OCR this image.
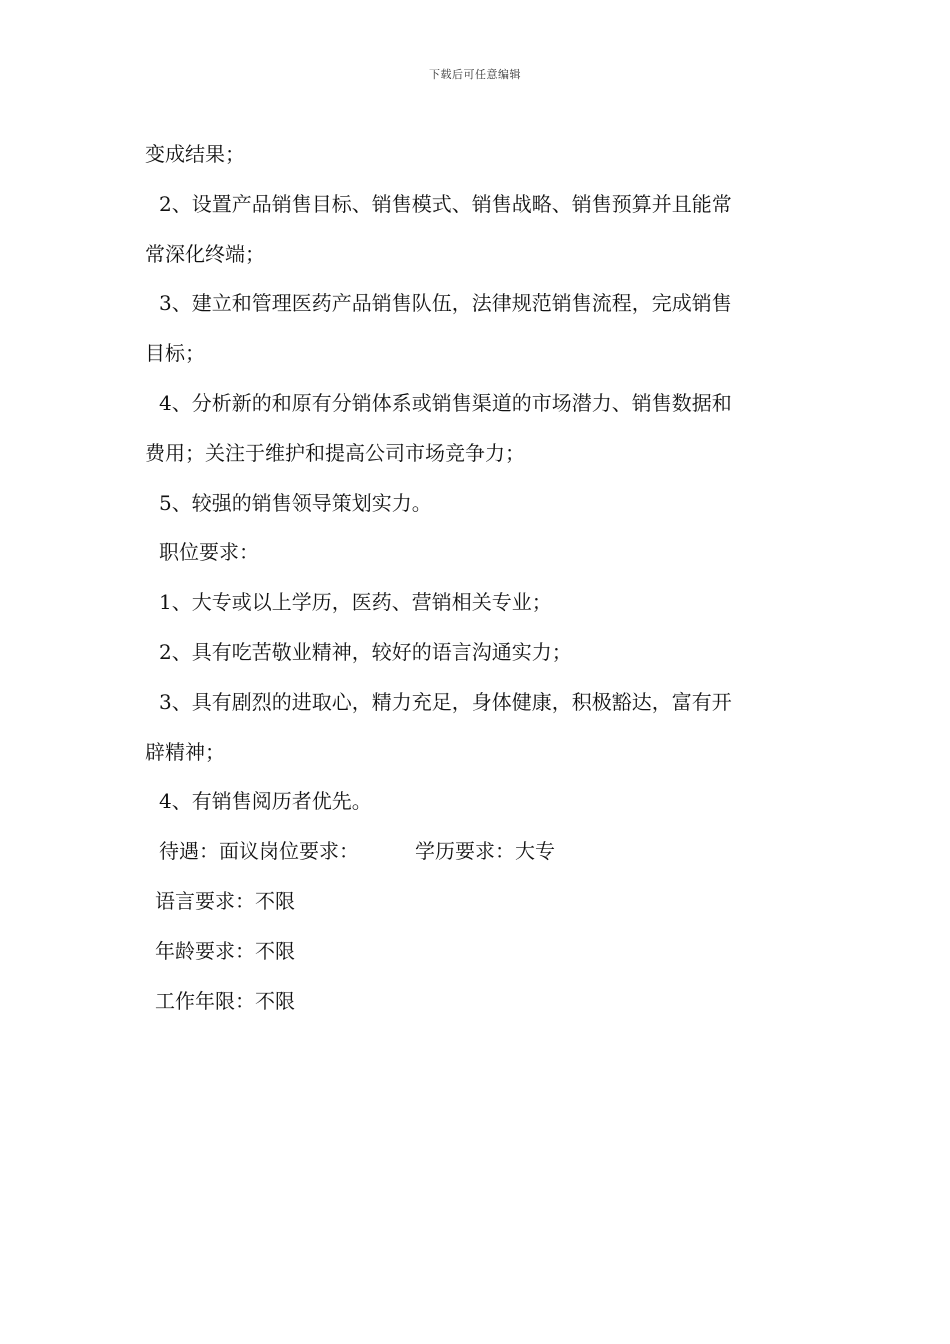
下载后可任意编辑
变成结果；
2、设置产品销售目标、销售模式、销售战略、销售预算并且能常
常深化终端；
3、建立和管理医药产品销售队伍，法律规范销售流程，完成销售
目标；
4、分析新的和原有分销体系或销售渠道的市场潜力、销售数据和
费用；关注于维护和提高公司市场竞争力；
5、较强的销售领导策划实力。
职位要求：
1、大专或以上学历，医药、营销相关专业；
2、具有吃苦敬业精神，较好的语言沟通实力；
3、具有剧烈的进取心，精力充足，身体健康，积极豁达，富有开
辟精神；
4、有销售阅历者优先。
待遇：面议岗位要求：	学历要求：大专
语言要求：不限
年龄要求：不限
工作年限：不限
